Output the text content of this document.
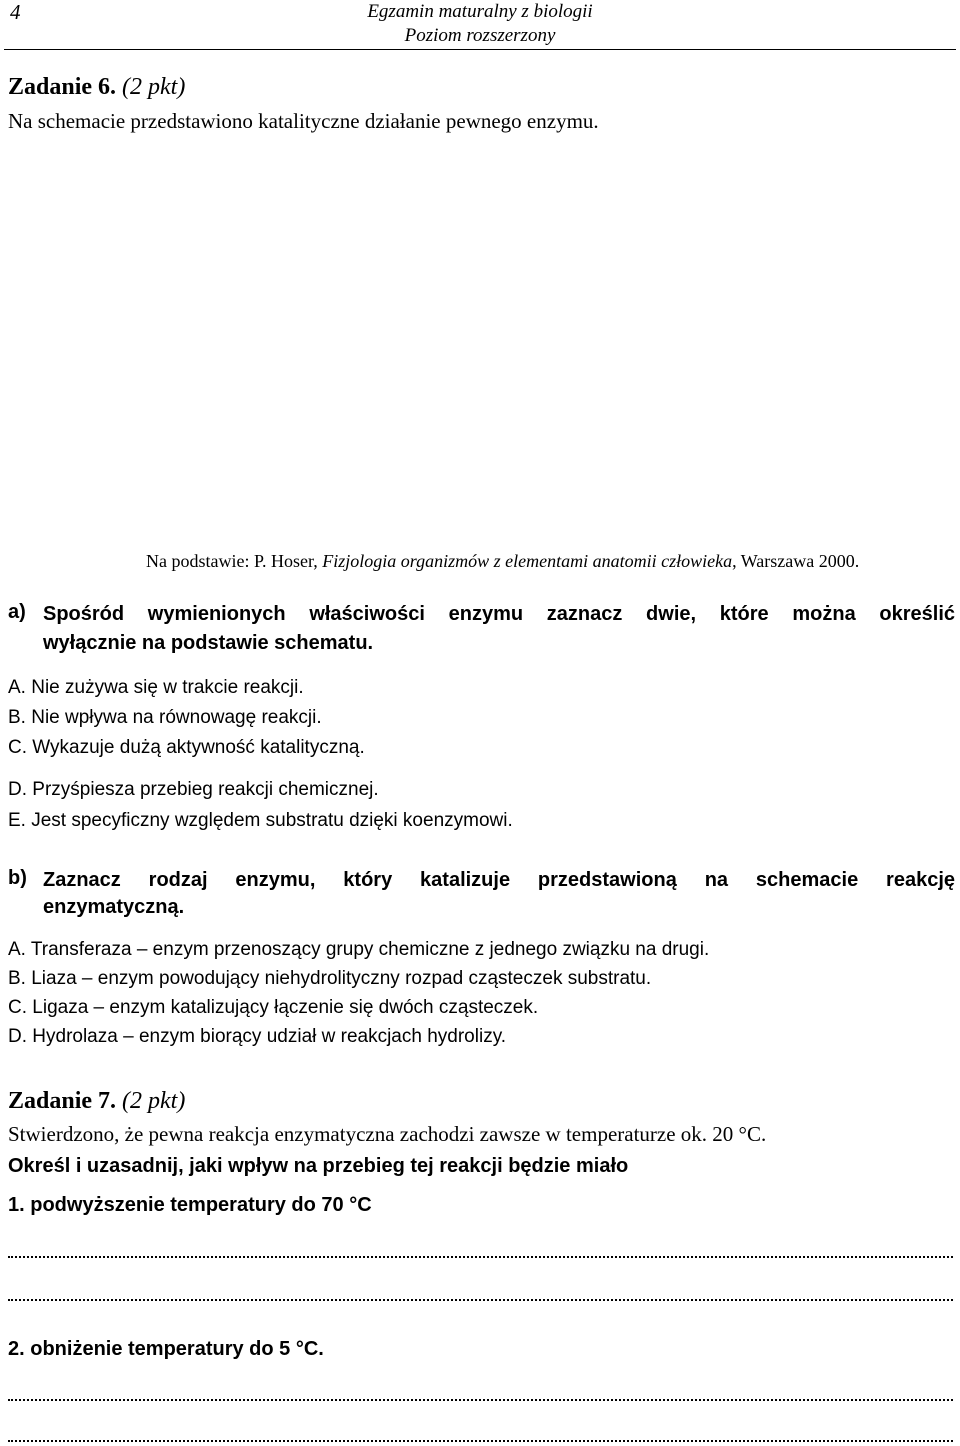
4	Egzamin maturalny z biologii
Poziom rozszerzony
Zadanie 6. (2 pkt)
Na schemacie przedstawiono katalityczne działanie pewnego enzymu.
Na podstawie: P. Hoser, Fizjologia organizmów z elementami anatomii człowieka, Warszawa 2000.
a) Spośród wymienionych właściwości enzymu zaznacz dwie, które można określić
wyłącznie na podstawie schematu.
A. Nie zużywa się w trakcie reakcji.
B. Nie wpływa na równowagę reakcji.
C. Wykazuje dużą aktywność katalityczną.
D. Przyśpiesza przebieg reakcji chemicznej.
E. Jest specyficzny względem substratu dzięki koenzymowi.
b) Zaznacz rodzaj enzymu, który katalizuje przedstawioną na schemacie reakcję
enzymatyczną.
A. Transferaza – enzym przenoszący grupy chemiczne z jednego związku na drugi.
B. Liaza – enzym powodujący niehydrolityczny rozpad cząsteczek substratu.
C. Ligaza – enzym katalizujący łączenie się dwóch cząsteczek.
D. Hydrolaza – enzym biorący udział w reakcjach hydrolizy.
Zadanie 7. (2 pkt)
Stwierdzono, że pewna reakcja enzymatyczna zachodzi zawsze w temperaturze ok. 20 °C.
Określ i uzasadnij, jaki wpływ na przebieg tej reakcji będzie miało
1. podwyższenie temperatury do 70 °C
2. obniżenie temperatury do 5 °C.
